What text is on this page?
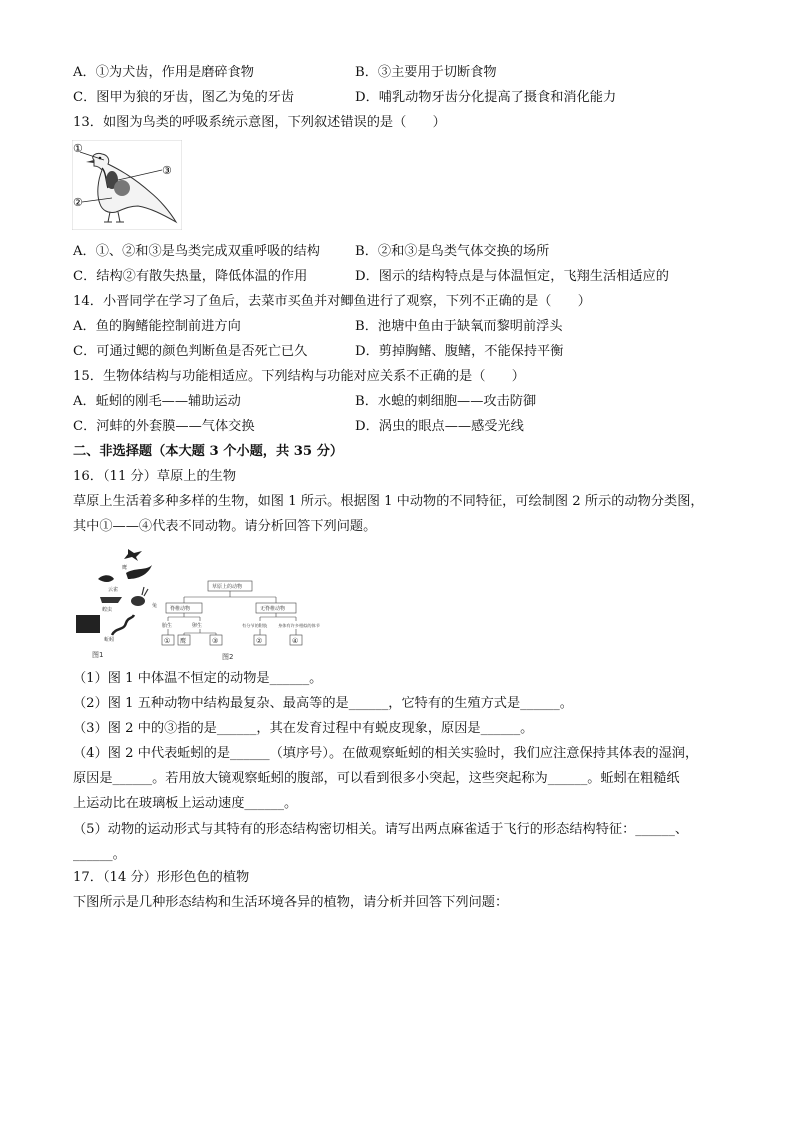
A．①为犬齿，作用是磨碎食物	B．③主要用于切断食物
C．图甲为狼的牙齿，图乙为兔的牙齿	D．哺乳动物牙齿分化提高了摄食和消化能力
13．如图为鸟类的呼吸系统示意图，下列叙述错误的是（　　）
①
②
③
A．①、②和③是鸟类完成双重呼吸的结构	B．②和③是鸟类气体交换的场所
C．结构②有散失热量，降低体温的作用	D．图示的结构特点是与体温恒定，飞翔生活相适应的
14．小晋同学在学习了鱼后，去菜市买鱼并对鲫鱼进行了观察，下列不正确的是（　　）
A．鱼的胸鳍能控制前进方向	B．池塘中鱼由于缺氧而黎明前浮头
C．可通过鳃的颜色判断鱼是否死亡已久	D．剪掉胸鳍、腹鳍，不能保持平衡
15．生物体结构与功能相适应。下列结构与功能对应关系不正确的是（　　）
A．蚯蚓的刚毛——辅助运动	B．水螅的刺细胞——攻击防御
C．河蚌的外套膜——气体交换	D．涡虫的眼点——感受光线
二、非选择题（本大题 3 个小题，共 35 分）
16．（11 分）草原上的生物
草原上生活着多种多样的生物，如图 1 所示。根据图 1 中动物的不同特征，可绘制图 2 所示的动物分类图，
其中①——④代表不同动物。请分析回答下列问题。
云雀
蝗虫
兔
蚯蚓
图1
草原上的动物
脊椎动物	无脊椎动物
胎生	卵生	有分节的附肢	身体有许多相似的体节
① 鹰	③	②	④
图2
鹰
（1）图 1 中体温不恒定的动物是______。
（2）图 1 五种动物中结构最复杂、最高等的是______，它特有的生殖方式是______。
（3）图 2 中的③指的是______，其在发育过程中有蜕皮现象，原因是______。
（4）图 2 中代表蚯蚓的是______（填序号）。在做观察蚯蚓的相关实验时，我们应注意保持其体表的湿润，
原因是______。若用放大镜观察蚯蚓的腹部，可以看到很多小突起，这些突起称为______。蚯蚓在粗糙纸
上运动比在玻璃板上运动速度______。
（5）动物的运动形式与其特有的形态结构密切相关。请写出两点麻雀适于飞行的形态结构特征：______、
______。
17．（14 分）形形色色的植物
下图所示是几种形态结构和生活环境各异的植物，请分析并回答下列问题：
